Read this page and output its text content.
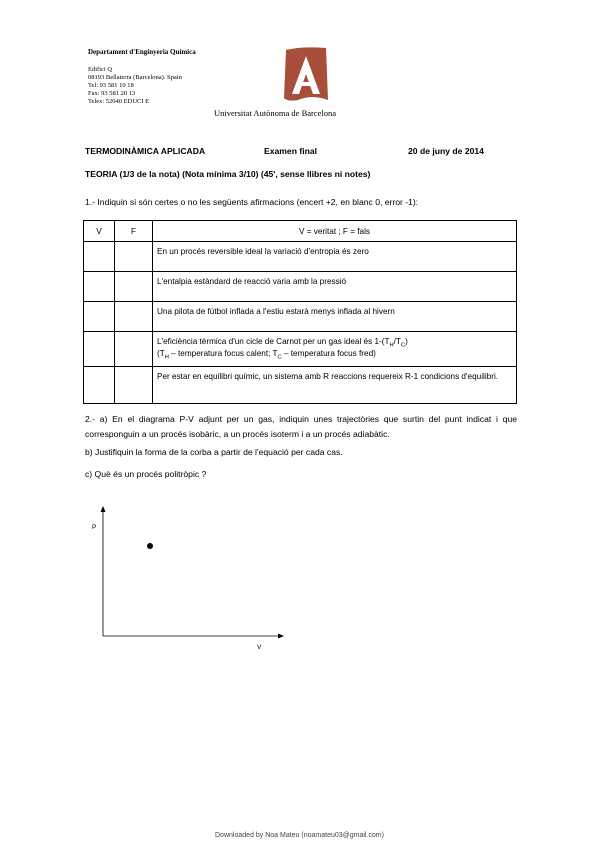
Departament d'Enginyeria Química
Edifici Q
08193 Bellaterra (Barcelona). Spain
Tel: 93 581 10 18
Fax: 93 581 20 13
Telex: 52040 EDUCI E
Universitat Autònoma de Barcelona
TERMODINÀMICA APLICADA	Examen final	20 de juny de 2014
TEORIA (1/3 de la nota) (Nota mínima 3/10) (45', sense llibres ni notes)
1.- Indiquin si són certes o no les següents afirmacions (encert +2, en blanc 0, error -1):
V	F	V = veritat ; F = fals
		En un procés reversible ideal la variació d'entropia és zero
		L'entalpia estàndard de reacció varia amb la pressió
		Una pilota de fútbol inflada a l'estiu estarà menys inflada al hivern

		L'eficiència tèrmica d'un cicle de Carnot per un gas ideal és $1-(T_H/T_C)$
($T_H$ – temperatura focus calent; $T_C$ – temperatura focus fred)

		Per estar en equilibri químic, un sistema amb R reaccions requereix R-1 condicions d'equilibri.
2.- a) En el diagrama P-V adjunt per un gas, indiquin unes trajectòries que surtin del punt indicat i que corresponguin a un procés isobàric, a un procés isoterm i a un procés adiabàtic.
b) Justifiquin la forma de la corba a partir de l'equació per cada cas.
c) Què és un procés politròpic ?
P
V
Downloaded by Noa Mateu (noamateu03@gmail.com)
